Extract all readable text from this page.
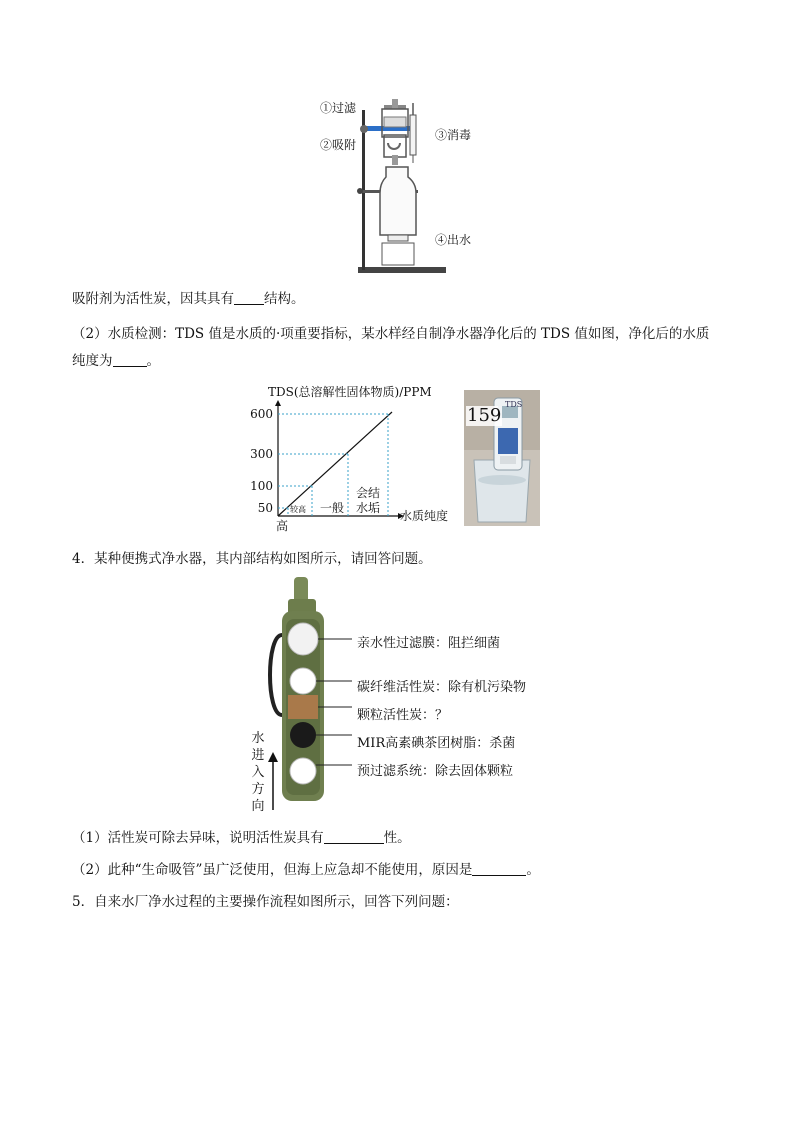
①过滤
②吸附
③消毒
④出水
吸附剂为活性炭，因其具有 结构。
（2）水质检测：TDS 值是水质的·项重要指标，某水样经自制净水器净化后的 TDS 值如图，净化后的水质
纯度为	。
TDS(总溶解性固体物质)/PPM
50
100
300
600
较高 一般
会结
水垢
高
水质纯度
TDS
159
4．某种便携式净水器，其内部结构如图所示，请回答问题。
亲水性过滤膜：阻拦细菌
碳纤维活性炭：除有机污染物
颗粒活性炭：？
MIR高素碘茶团树脂：杀菌
预过滤系统：除去固体颗粒
水
进
入
方
向
（1）活性炭可除去异味，说明活性炭具有	性。
（2）此种“生命吸管”虽广泛使用，但海上应急却不能使用，原因是	。
5．自来水厂净水过程的主要操作流程如图所示，回答下列问题：
